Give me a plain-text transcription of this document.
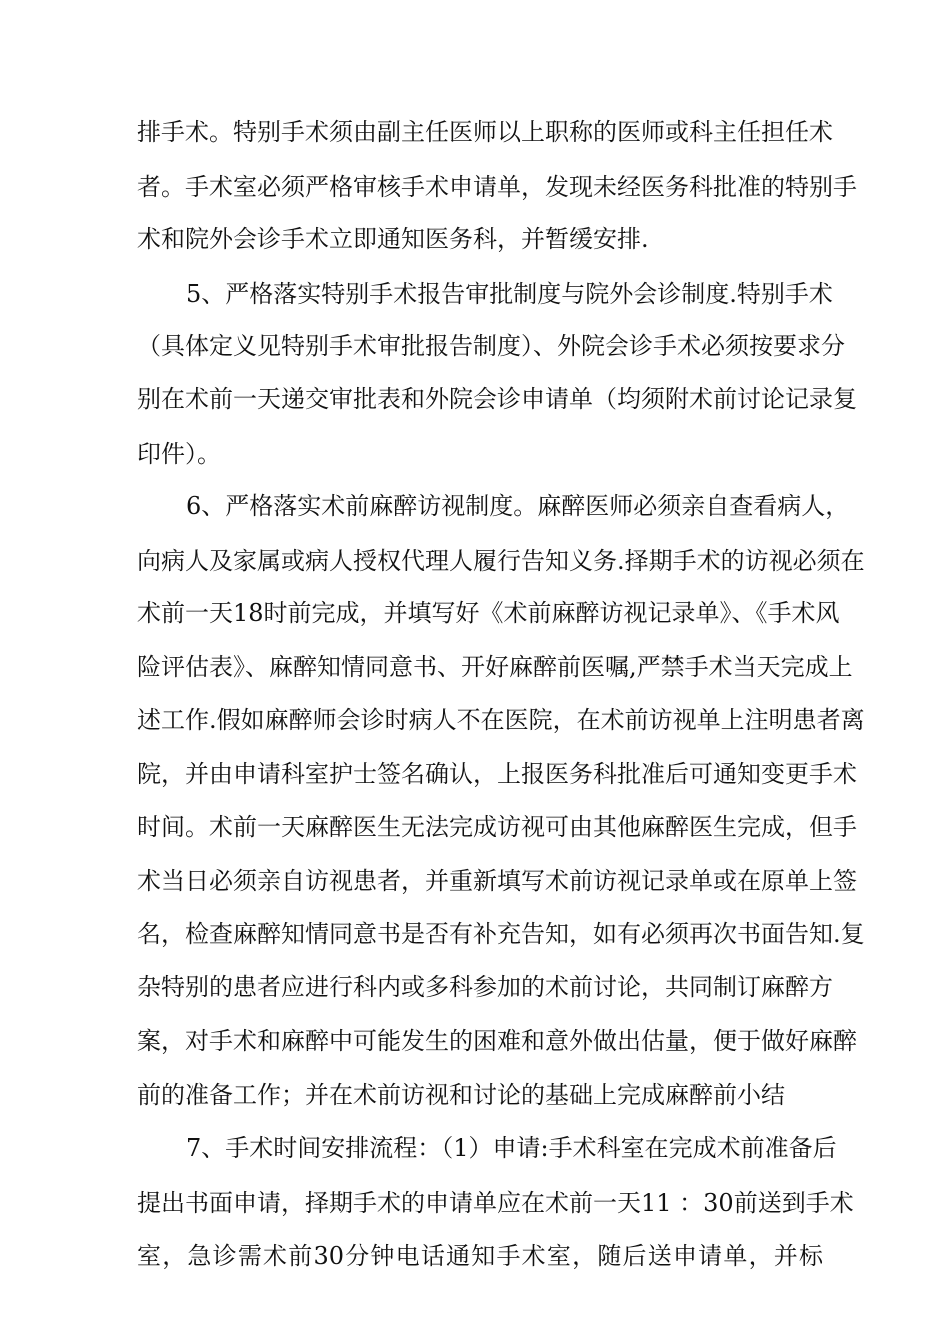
排手术。特别手术须由副主任医师以上职称的医师或科主任担任术
者。手术室必须严格审核手术申请单，发现未经医务科批准的特别手
术和院外会诊手术立即通知医务科，并暂缓安排.
5、严格落实特别手术报告审批制度与院外会诊制度.特别手术
（具体定义见特别手术审批报告制度）、外院会诊手术必须按要求分
别在术前一天递交审批表和外院会诊申请单（均须附术前讨论记录复
印件）。
6、严格落实术前麻醉访视制度。麻醉医师必须亲自查看病人，
向病人及家属或病人授权代理人履行告知义务.择期手术的访视必须在
术前一天18时前完成，并填写好《术前麻醉访视记录单》、《手术风
险评估表》、麻醉知情同意书、开好麻醉前医嘱,严禁手术当天完成上
述工作.假如麻醉师会诊时病人不在医院，在术前访视单上注明患者离
院，并由申请科室护士签名确认，上报医务科批准后可通知变更手术
时间。术前一天麻醉医生无法完成访视可由其他麻醉医生完成，但手
术当日必须亲自访视患者，并重新填写术前访视记录单或在原单上签
名，检查麻醉知情同意书是否有补充告知，如有必须再次书面告知.复
杂特别的患者应进行科内或多科参加的术前讨论，共同制订麻醉方
案，对手术和麻醉中可能发生的困难和意外做出估量，便于做好麻醉
前的准备工作；并在术前访视和讨论的基础上完成麻醉前小结
7、手术时间安排流程：（1）申请:手术科室在完成术前准备后
提出书面申请，择期手术的申请单应在术前一天11 ：30前送到手术
室，急诊需术前30分钟电话通知手术室，随后送申请单，并标
